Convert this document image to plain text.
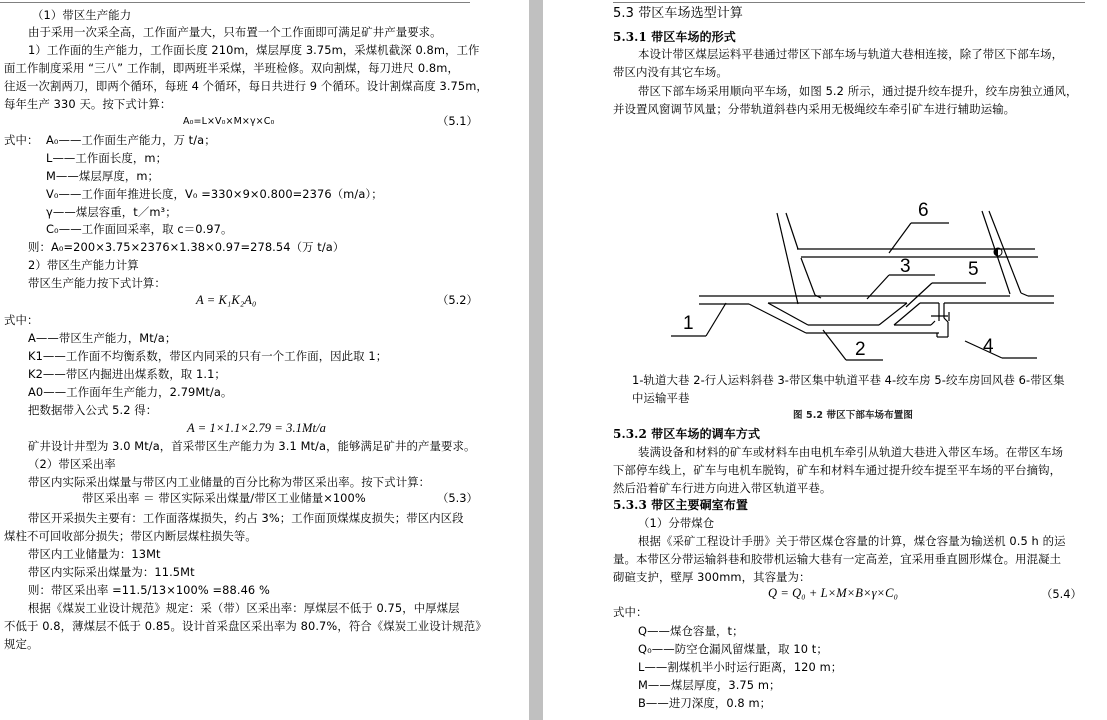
（1）带区生产能力
由于采用一次采全高，工作面产量大，只布置一个工作面即可满足矿井产量要求。
1）工作面的生产能力，工作面长度 210m，煤层厚度 3.75m，采煤机截深 0.8m，工作
面工作制度采用 “三八” 工作制，即两班半采煤，半班检修。双向割煤，每刀进尺 0.8m，
往返一次割两刀，即两个循环，每班 4 个循环，每日共进行 9 个循环。设计割煤高度 3.75m，
每年生产 330 天。按下式计算：
A₀=L×V₀×M×γ×C₀	（5.1）
式中： A₀——工作面生产能力，万 t/a；
L——工作面长度，m；
M——煤层厚度，m；
V₀——工作面年推进长度，V₀ =330×9×0.800=2376（m/a）；
γ——煤层容重，t／m³；
C₀——工作面回采率，取 c＝0.97。
则：A₀=200×3.75×2376×1.38×0.97=278.54（万 t/a）
2）带区生产能力计算
带区生产能力按下式计算：
A = K₁K₂A₀	（5.2）
式中：
A——带区生产能力，Mt/a；
K1——工作面不均衡系数，带区内同采的只有一个工作面，因此取 1；
K2——带区内掘进出煤系数，取 1.1；
A0——工作面年生产能力，2.79Mt/a。
把数据带入公式 5.2 得：
A = 1×1.1×2.79 = 3.1Mt/a
矿井设计井型为 3.0 Mt/a，首采带区生产能力为 3.1 Mt/a，能够满足矿井的产量要求。
（2）带区采出率
带区内实际采出煤量与带区内工业储量的百分比称为带区采出率。按下式计算：
带区采出率 ＝ 带区实际采出煤量/带区工业储量×100%	（5.3）
带区开采损失主要有：工作面落煤损失，约占 3%；工作面顶煤煤皮损失；带区内区段
煤柱不可回收部分损失；带区内断层煤柱损失等。
带区内工业储量为：13Mt
带区内实际采出煤量为：11.5Mt
则：带区采出率 =11.5/13×100% =88.46 %
根据《煤炭工业设计规范》规定：采（带）区采出率：厚煤层不低于 0.75，中厚煤层
不低于 0.8，薄煤层不低于 0.85。设计首采盘区采出率为 80.7%，符合《煤炭工业设计规范》
规定。
5.3 带区车场选型计算
5.3.1 带区车场的形式
本设计带区煤层运料平巷通过带区下部车场与轨道大巷相连接，除了带区下部车场，
带区内没有其它车场。
带区下部车场采用顺向平车场，如图 5.2 所示，通过提升绞车提升，绞车房独立通风，
并设置风窗调节风量；分带轨道斜巷内采用无极绳绞车牵引矿车进行辅助运输。
1
2
3
4
5
6
1-轨道大巷 2-行人运料斜巷 3-带区集中轨道平巷 4-绞车房 5-绞车房回风巷 6-带区集
中运输平巷
图 5.2 带区下部车场布置图
5.3.2 带区车场的调车方式
装满设备和材料的矿车或材料车由电机车牵引从轨道大巷进入带区车场。在带区车场
下部停车线上，矿车与电机车脱钩，矿车和材料车通过提升绞车提至平车场的平台摘钩，
然后沿着矿车行进方向进入带区轨道平巷。
5.3.3 带区主要硐室布置
（1）分带煤仓
根据《采矿工程设计手册》关于带区煤仓容量的计算，煤仓容量为输送机 0.5 h 的运
量。本带区分带运输斜巷和胶带机运输大巷有一定高差，宜采用垂直圆形煤仓。用混凝土
砌碹支护，壁厚 300mm，其容量为：
Q = Q₀ + L×M×B×γ×C₀	（5.4）
式中：
Q——煤仓容量，t；
Q₀——防空仓漏风留煤量，取 10 t；
L——割煤机半小时运行距离，120 m；
M——煤层厚度，3.75 m；
B——进刀深度，0.8 m；
